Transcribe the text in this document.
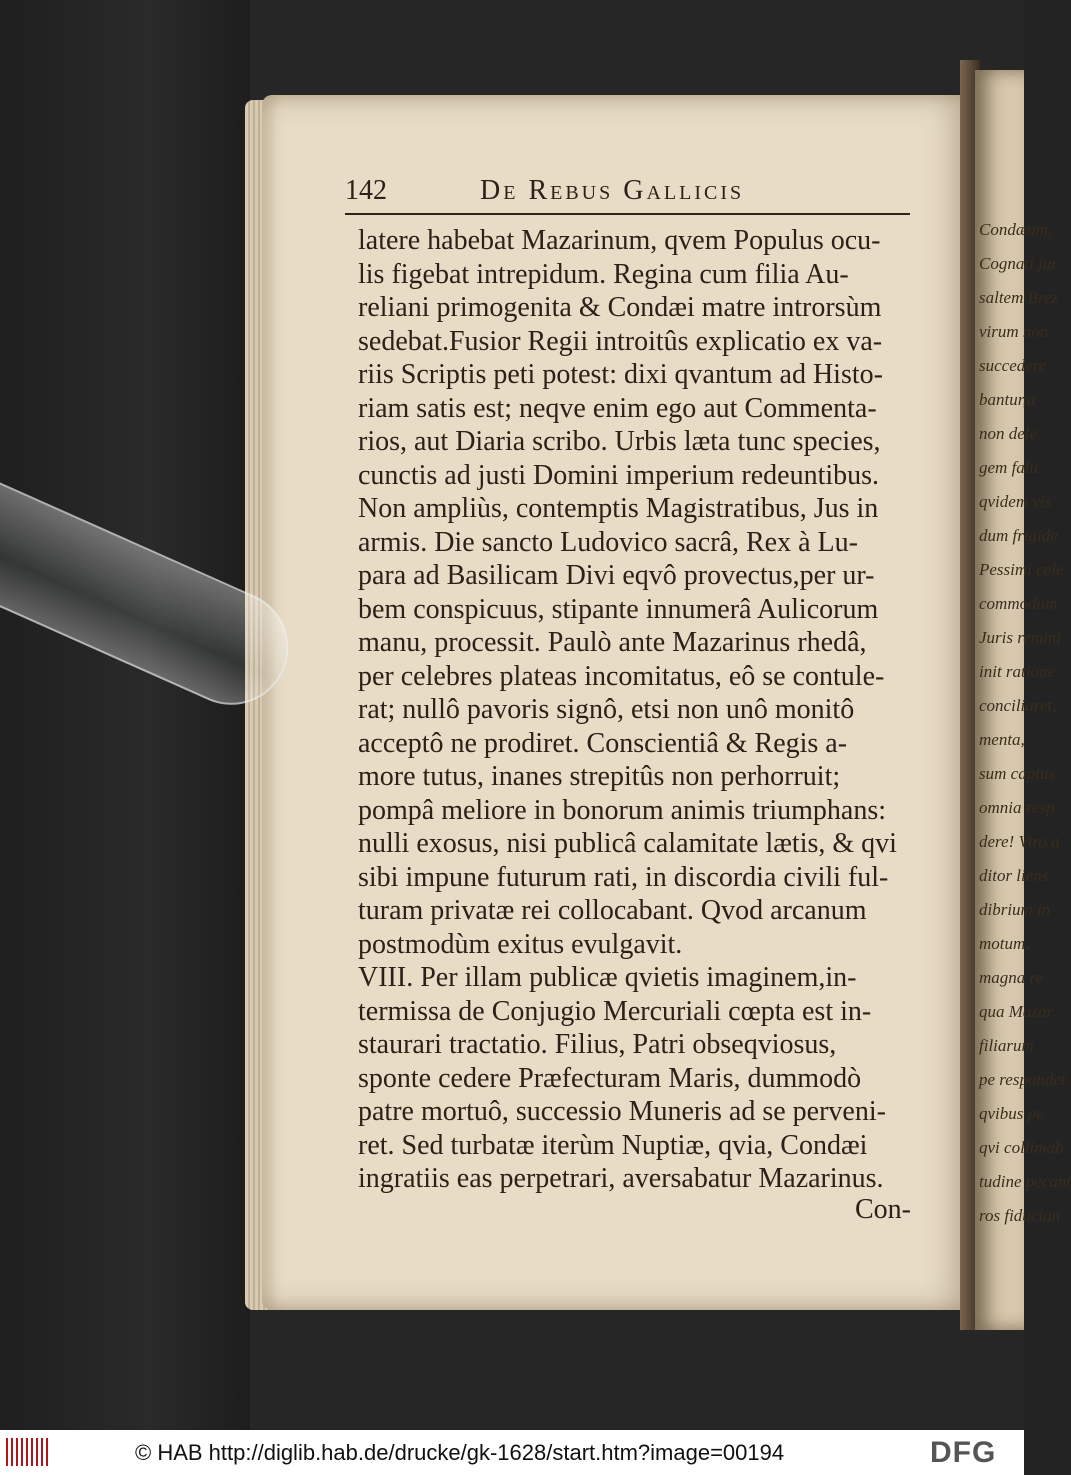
Condæum,
Cognati jur
saltem Brez
virum non
succedere
bantur,a
non dele
gem falu
qvidem vis
dum frigide
Pessimi cele
commodum
Juris remini
init ratione
conciliaret,
menta,
sum captus
omnia resp
dere! Viro a
ditor liens
dibrium in
motum,
magna re
qua Mazar
filiarum
pe respondet
qvibus pe
qvi collimab
tudine pecant
ros fiducian
142	De Rebus Gallicis
latere habebat Mazarinum, qvem Populus ocu-
lis figebat intrepidum. Regina cum filia Au-
reliani primogenita & Condæi matre introrsùm
sedebat.Fusior Regii introitûs explicatio ex va-
riis Scriptis peti potest: dixi qvantum ad Histo-
riam satis est; neqve enim ego aut Commenta-
rios, aut Diaria scribo. Urbis læta tunc species,
cunctis ad justi Domini imperium redeuntibus.
Non ampliùs, contemptis Magistratibus, Jus in
armis. Die sancto Ludovico sacrâ, Rex à Lu-
para ad Basilicam Divi eqvô provectus,per ur-
bem conspicuus, stipante innumerâ Aulicorum
manu, processit. Paulò ante Mazarinus rhedâ,
per celebres plateas incomitatus, eô se contule-
rat; nullô pavoris signô, etsi non unô monitô
acceptô ne prodiret. Conscientiâ & Regis a-
more tutus, inanes strepitûs non perhorruit;
pompâ meliore in bonorum animis triumphans:
nulli exosus, nisi publicâ calamitate lætis, & qvi
sibi impune futurum rati, in discordia civili ful-
turam privatæ rei collocabant. Qvod arcanum
postmodùm exitus evulgavit.
VIII. Per illam publicæ qvietis imaginem,in-
termissa de Conjugio Mercuriali cœpta est in-
staurari tractatio. Filius, Patri obseqviosus,
sponte cedere Præfecturam Maris, dummodò
patre mortuô, successio Muneris ad se perveni-
ret. Sed turbatæ iterùm Nuptiæ, qvia, Condæi
ingratiis eas perpetrari, aversabatur Mazarinus.
Con-
© HAB http://diglib.hab.de/drucke/gk-1628/start.htm?image=00194	DFG
